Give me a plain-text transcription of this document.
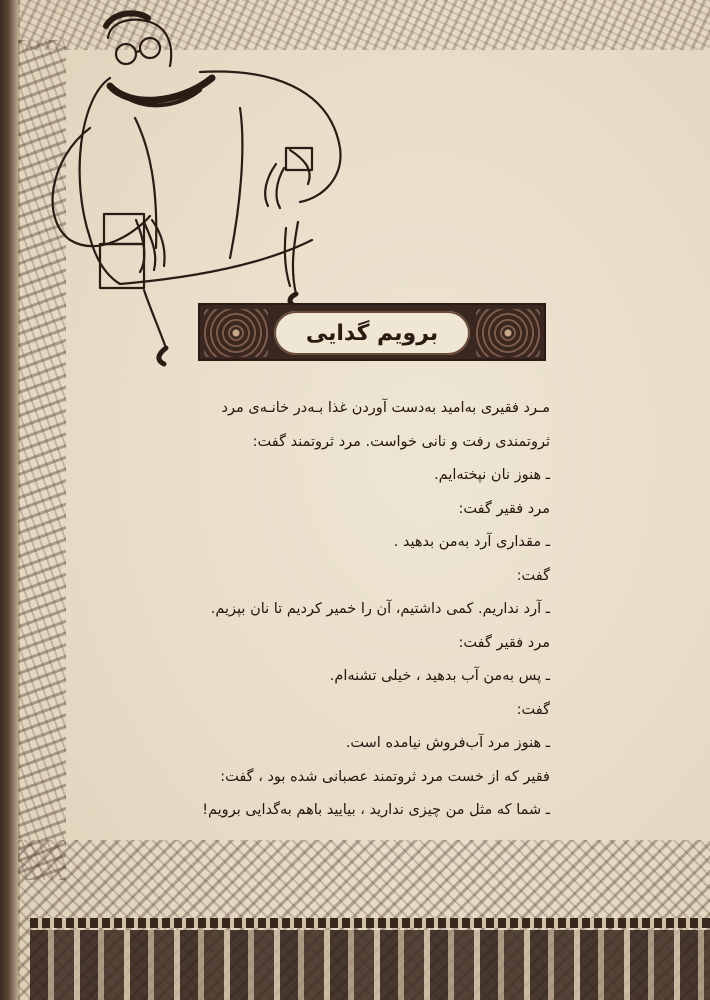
برویم گدایی

مـرد فقیری به‌امید به‌دست آوردن غذا بـه‌در خانـه‌ی مرد

ثروتمندی رفت و نانی خواست. مرد ثروتمند گفت:

ـ هنوز نان نپخته‌ایم.

مرد فقیر گفت:

ـ مقداری آرد به‌من بدهید .

گفت:

ـ آرد نداریم. کمی داشتیم، آن را خمیر کردیم تا نان بپزیم.

مرد فقیر گفت:

ـ پس به‌من آب بدهید ، خیلی تشنه‌ام.

گفت:

ـ هنوز مرد آب‌فروش نیامده است.

فقیر که از خست مرد ثروتمند عصبانی شده بود ، گفت:

ـ شما که مثل من چیزی ندارید ، بیایید باهم به‌گدایی برویم!
